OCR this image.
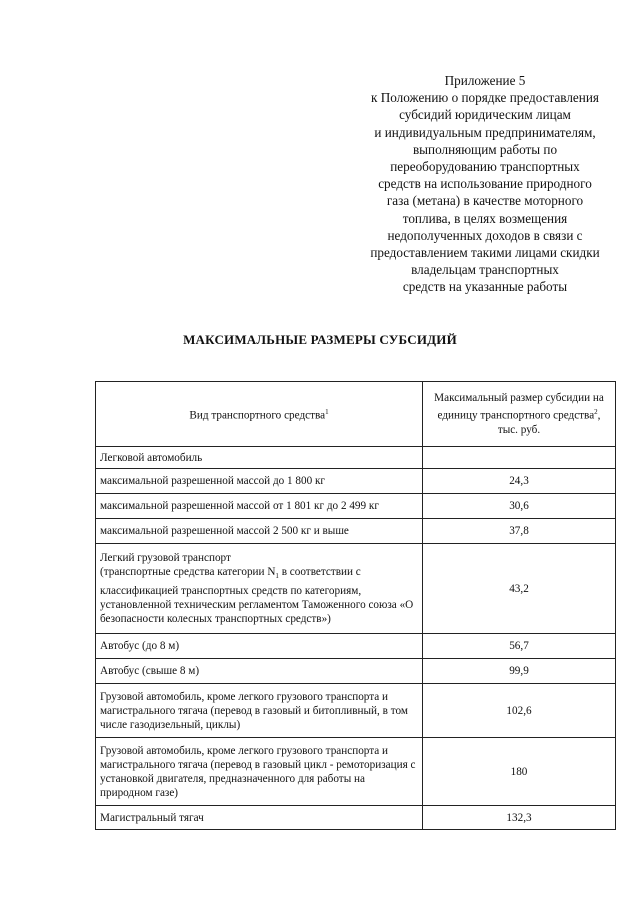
Приложение 5
к Положению о порядке предоставления
субсидий юридическим лицам
и индивидуальным предпринимателям,
выполняющим работы по
переоборудованию транспортных
средств на использование природного
газа (метана) в качестве моторного
топлива, в целях возмещения
недополученных доходов в связи с
предоставлением такими лицами скидки
владельцам транспортных
средств на указанные работы
МАКСИМАЛЬНЫЕ РАЗМЕРЫ СУБСИДИЙ
Вид транспортного средства$^1$	Максимальный размер субсидии на единицу транспортного средства$^2$, тыс. руб.
Легковой автомобиль	
максимальной разрешенной массой до 1 800 кг	24,3
максимальной разрешенной массой от 1 801 кг до 2 499 кг	30,6
максимальной разрешенной массой 2 500 кг и выше	37,8
Легкий грузовой транспорт
(транспортные средства категории $N_1$ в соответствии с классификацией транспортных средств по категориям, установленной техническим регламентом Таможенного союза «О безопасности колесных транспортных средств»)	43,2
Автобус (до 8 м)	56,7
Автобус (свыше 8 м)	99,9
Грузовой автомобиль, кроме легкого грузового транспорта и магистрального тягача (перевод в газовый и битопливный, в том числе газодизельный, циклы)	102,6
Грузовой автомобиль, кроме легкого грузового транспорта и магистрального тягача (перевод в газовый цикл - ремоторизация с установкой двигателя, предназначенного для работы на природном газе)	180
Магистральный тягач	132,3
